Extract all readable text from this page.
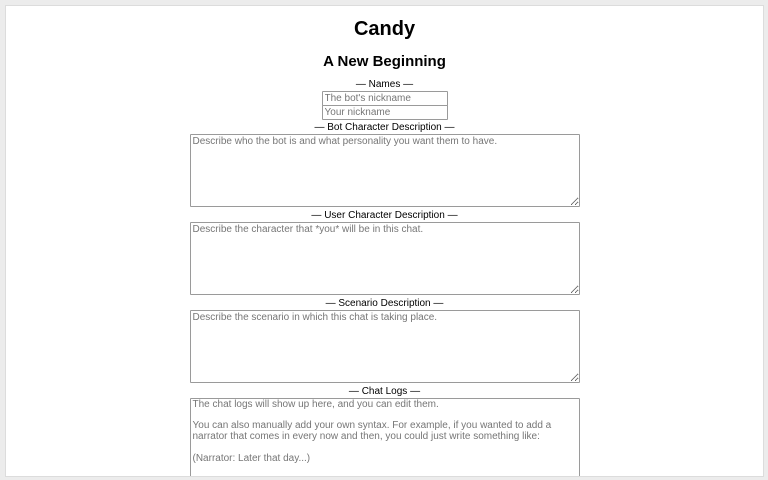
Candy
A New Beginning
— Names —
The bot's nickname
Your nickname
— Bot Character Description —
Describe who the bot is and what personality you want them to have.
— User Character Description —
Describe the character that *you* will be in this chat.
— Scenario Description —
Describe the scenario in which this chat is taking place.
— Chat Logs —

The chat logs will show up here, and you can edit them.

You can also manually add your own syntax. For example, if you wanted to add a narrator that comes in every now and then, you could just write something like:

(Narrator: Later that day...)
